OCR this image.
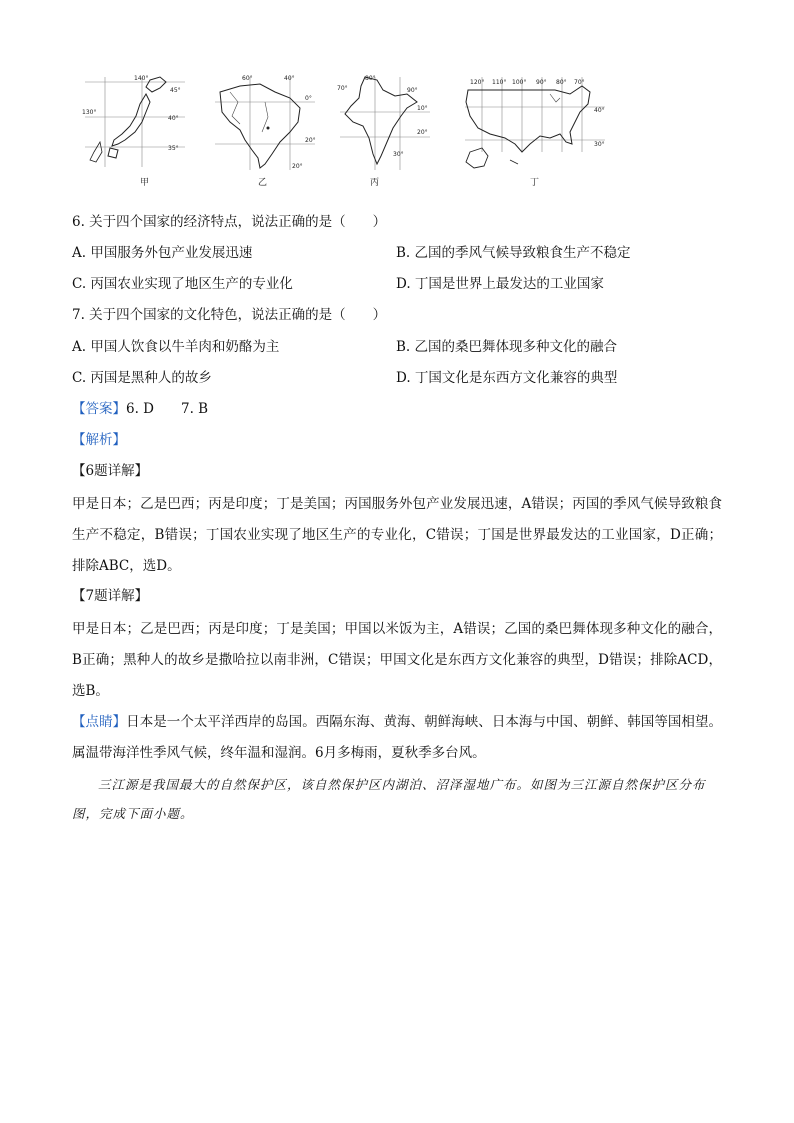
140°
45°
130°
40°
35°
甲
60°	40°
0°
20°
20°
乙
80°
70°	90°
10°
20°
30°
丙
120° 110° 100° 90° 80° 70°
40°
30°
丁
6. 关于四个国家的经济特点，说法正确的是（　　）
A. 甲国服务外包产业发展迅速	B. 乙国的季风气候导致粮食生产不稳定
C. 丙国农业实现了地区生产的专业化	D. 丁国是世界上最发达的工业国家
7. 关于四个国家的文化特色，说法正确的是（　　）
A. 甲国人饮食以牛羊肉和奶酪为主	B. 乙国的桑巴舞体现多种文化的融合
C. 丙国是黑种人的故乡	D. 丁国文化是东西方文化兼容的典型
【答案】6. D　　7. B
【解析】
【6题详解】
甲是日本；乙是巴西；丙是印度；丁是美国；丙国服务外包产业发展迅速，A错误；丙国的季风气候导致粮食生产不稳定，B错误；丁国农业实现了地区生产的专业化，C错误；丁国是世界最发达的工业国家，D正确；排除ABC，选D。
【7题详解】
甲是日本；乙是巴西；丙是印度；丁是美国；甲国以米饭为主，A错误；乙国的桑巴舞体现多种文化的融合，B正确；黑种人的故乡是撒哈拉以南非洲，C错误；甲国文化是东西方文化兼容的典型，D错误；排除ACD，选B。
【点睛】日本是一个太平洋西岸的岛国。西隔东海、黄海、朝鲜海峡、日本海与中国、朝鲜、韩国等国相望。属温带海洋性季风气候，终年温和湿润。6月多梅雨，夏秋季多台风。
三江源是我国最大的自然保护区，该自然保护区内湖泊、沼泽湿地广布。如图为三江源自然保护区分布图，完成下面小题。
